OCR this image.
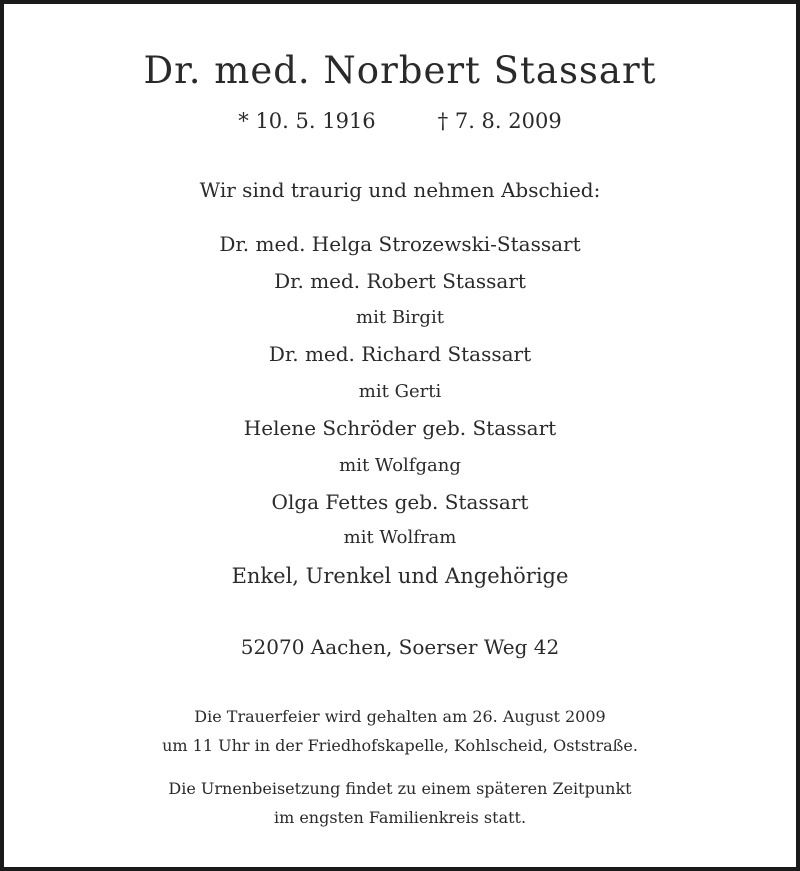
Dr. med. Norbert Stassart
* 10. 5. 1916	† 7. 8. 2009
Wir sind traurig und nehmen Abschied:
Dr. med. Helga Strozewski-Stassart
Dr. med. Robert Stassart
mit Birgit
Dr. med. Richard Stassart
mit Gerti
Helene Schröder geb. Stassart
mit Wolfgang
Olga Fettes geb. Stassart
mit Wolfram
Enkel, Urenkel und Angehörige
52070 Aachen, Soerser Weg 42
Die Trauerfeier wird gehalten am 26. August 2009
um 11 Uhr in der Friedhofskapelle, Kohlscheid, Oststraße.
Die Urnenbeisetzung findet zu einem späteren Zeitpunkt
im engsten Familienkreis statt.
